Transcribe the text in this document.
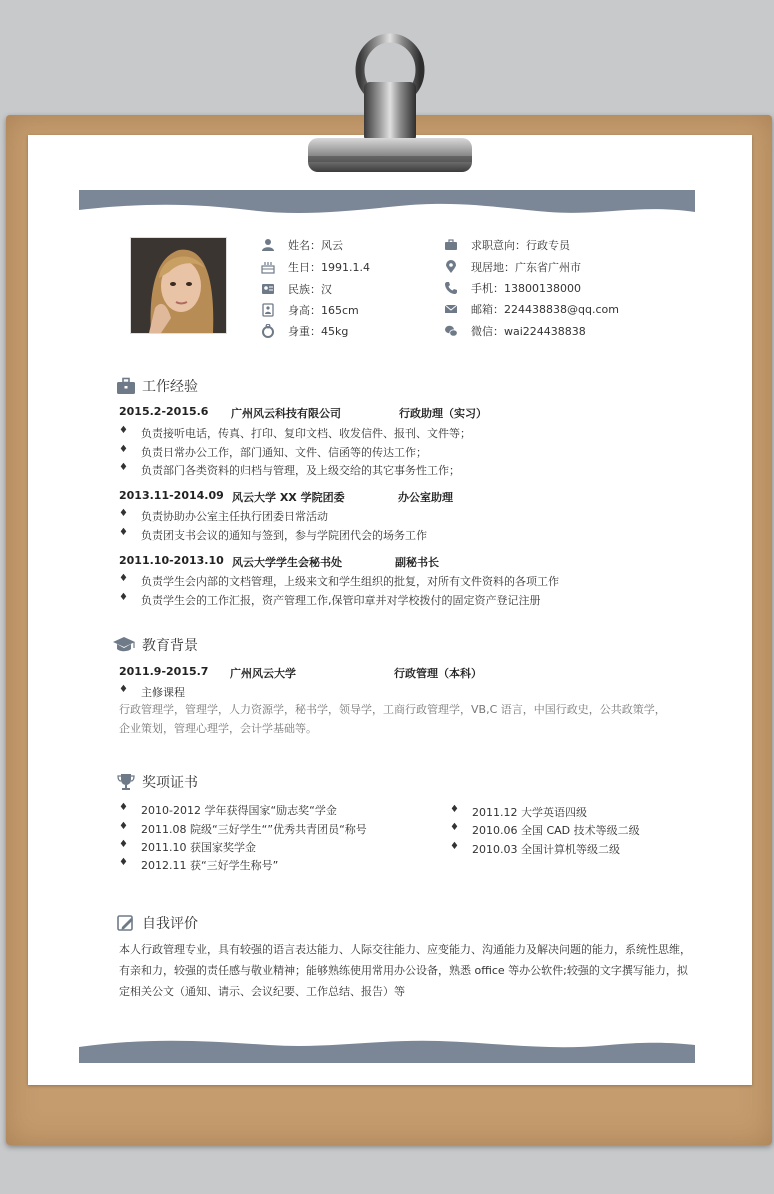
姓名：风云
生日：1991.1.4
民族：汉
身高：165cm
身重：45kg
求职意向：行政专员
现居地：广东省广州市
手机：13800138000
邮箱：224438838@qq.com
微信：wai224438838
工作经验
2015.2-2015.6 广州风云科技有限公司	行政助理（实习）
♦ 负责接听电话，传真、打印、复印文档、收发信件、报刊、文件等；
♦ 负责日常办公工作，部门通知、文件、信函等的传达工作；
♦ 负责部门各类资料的归档与管理，及上级交给的其它事务性工作；
2013.11-2014.09 风云大学 XX 学院团委	办公室助理
♦ 负责协助办公室主任执行团委日常活动
♦ 负责团支书会议的通知与签到，参与学院团代会的场务工作
2011.10-2013.10 风云大学学生会秘书处	副秘书长
♦ 负责学生会内部的文档管理，上级来文和学生组织的批复，对所有文件资料的各项工作
♦ 负责学生会的工作汇报，资产管理工作,保管印章并对学校拨付的固定资产登记注册
教育背景
2011.9-2015.7 广州风云大学	行政管理（本科）
♦ 主修课程
行政管理学，管理学，人力资源学，秘书学，领导学，工商行政管理学，VB,C 语言，中国行政史，公共政策学，企业策划，管理心理学，会计学基础等。
奖项证书
♦ 2010-2012 学年获得国家“励志奖“学金
♦ 2011.08 院级“三好学生“”优秀共青团员“称号
♦ 2011.10 获国家奖学金
♦ 2012.11 获“三好学生称号”
♦ 2011.12 大学英语四级
♦ 2010.06 全国 CAD 技术等级二级
♦ 2010.03 全国计算机等级二级
自我评价
本人行政管理专业，具有较强的语言表达能力、人际交往能力、应变能力、沟通能力及解决问题的能力，系统性思维，有亲和力，较强的责任感与敬业精神；能够熟练使用常用办公设备，熟悉 office 等办公软件;较强的文字撰写能力，拟定相关公文（通知、请示、会议纪要、工作总结、报告）等
